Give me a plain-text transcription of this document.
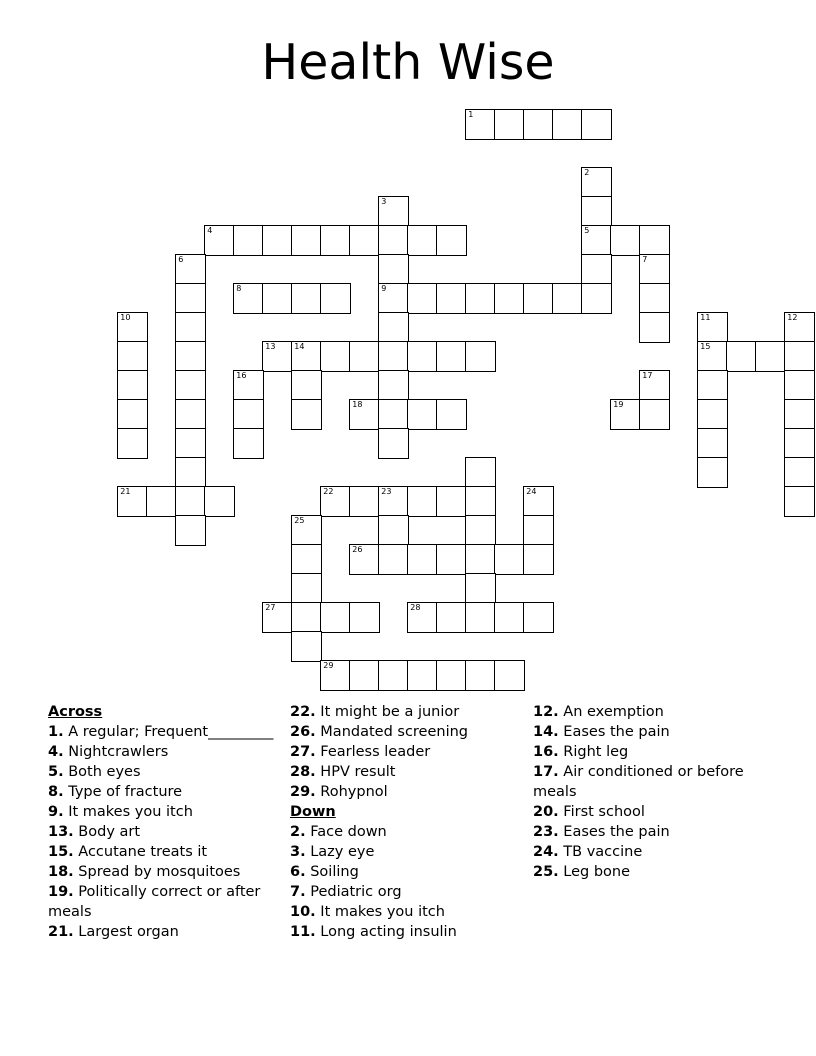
Health Wise
1
2
3
4	5
6	7
8	9
10	11	12
13 14	15
16	17
18	19
21	22	23	24
25
26
27	28
29
Across
1. A regular; Frequent_________
4. Nightcrawlers
5. Both eyes
8. Type of fracture
9. It makes you itch
13. Body art
15. Accutane treats it
18. Spread by mosquitoes
19. Politically correct or after meals
21. Largest organ
22. It might be a junior
26. Mandated screening
27. Fearless leader
28. HPV result
29. Rohypnol
Down
2. Face down
3. Lazy eye
6. Soiling
7. Pediatric org
10. It makes you itch
11. Long acting insulin
12. An exemption
14. Eases the pain
16. Right leg
17. Air conditioned or before meals
20. First school
23. Eases the pain
24. TB vaccine
25. Leg bone
